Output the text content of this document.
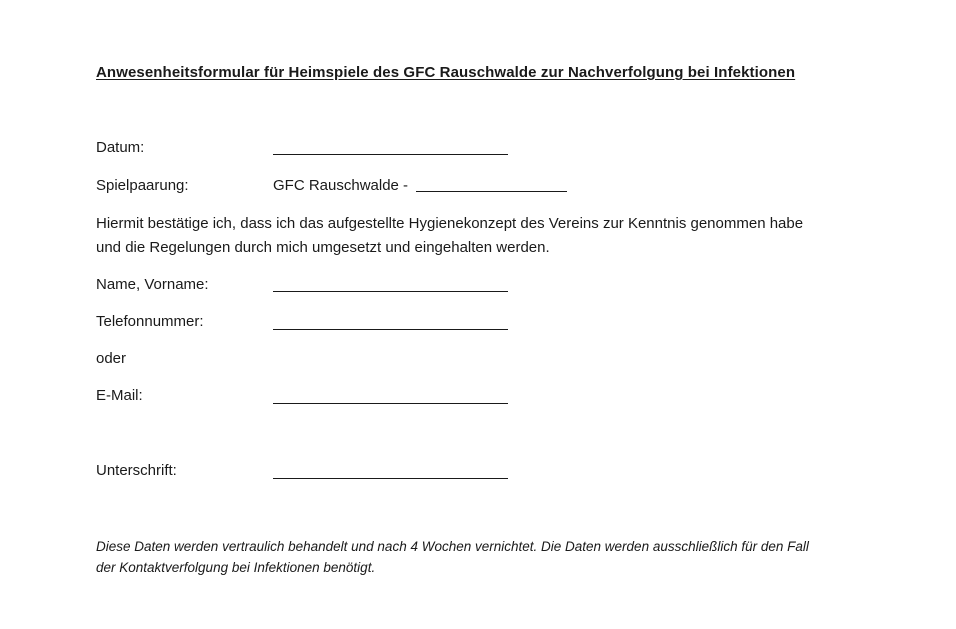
Anwesenheitsformular für Heimspiele des GFC Rauschwalde zur Nachverfolgung bei Infektionen
Datum:
Spielpaarung:	GFC Rauschwalde -
Hiermit bestätige ich, dass ich das aufgestellte Hygienekonzept des Vereins zur Kenntnis genommen habe
und die Regelungen durch mich umgesetzt und eingehalten werden.
Name, Vorname:
Telefonnummer:
oder
E-Mail:
Unterschrift:
Diese Daten werden vertraulich behandelt und nach 4 Wochen vernichtet. Die Daten werden ausschließlich für den Fall
der Kontaktverfolgung bei Infektionen benötigt.
